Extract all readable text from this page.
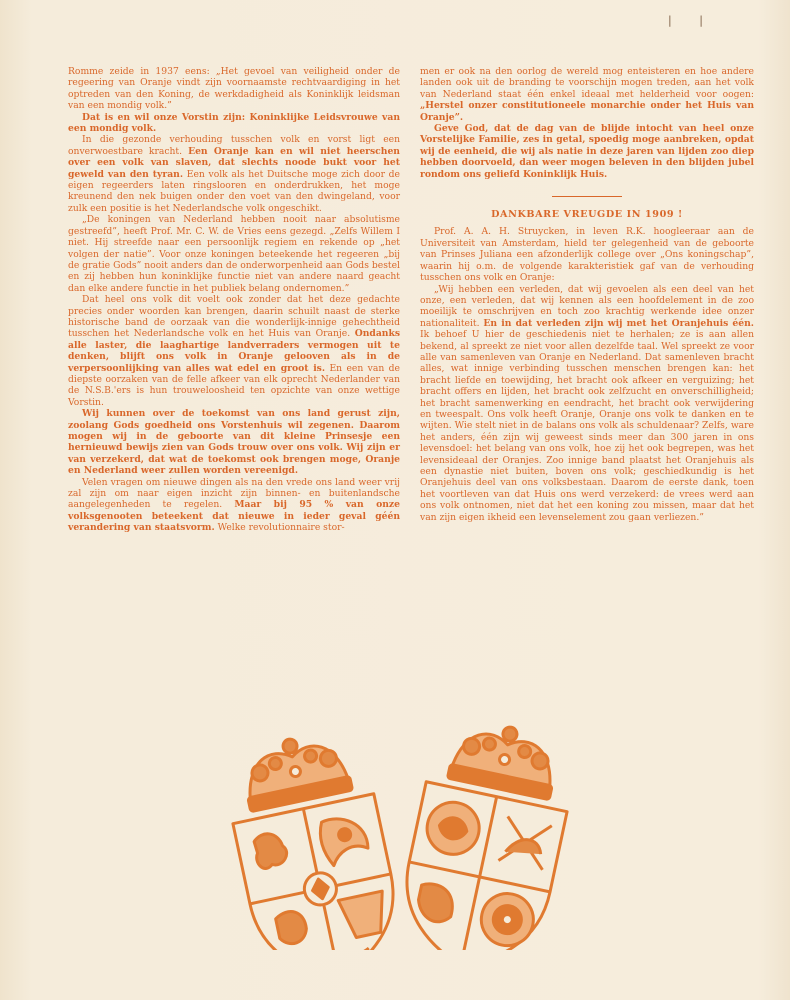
| |

Romme zeide in 1937 eens: „Het gevoel van veiligheid onder de regeering van Oranje vindt zijn voornaamste rechtvaardiging in het optreden van den Koning, de werkdadigheid als Koninklijk leidsman van een mondig volk.”

Dat is en wil onze Vorstin zijn: Koninklijke Leidsvrouwe van een mondig volk.

In die gezonde verhouding tusschen volk en vorst ligt een onverwoestbare kracht. Een Oranje kan en wil niet heerschen over een volk van slaven, dat slechts noode bukt voor het geweld van den tyran. Een volk als het Duitsche moge zich door de eigen regeerders laten ringslooren en onderdrukken, het moge kreunend den nek buigen onder den voet van den dwingeland, voor zulk een positie is het Nederlandsche volk ongeschikt.

„De koningen van Nederland hebben nooit naar absolutisme gestreefd”, heeft Prof. Mr. C. W. de Vries eens gezegd. „Zelfs Willem I niet. Hij streefde naar een persoonlijk regiem en rekende op „het volgen der natie”. Voor onze koningen beteekende het regeeren „bij de gratie Gods” nooit anders dan de onderworpenheid aan Gods bestel en zij hebben hun koninklijke functie niet van andere naard geacht dan elke andere functie in het publiek belang ondernomen.”

Dat heel ons volk dit voelt ook zonder dat het deze gedachte precies onder woorden kan brengen, daarin schuilt naast de sterke historische band de oorzaak van die wonderlijk-innige gehechtheid tusschen het Nederlandsche volk en het Huis van Oranje. Ondanks alle laster, die laaghartige landverraders vermogen uit te denken, blijft ons volk in Oranje gelooven als in de verpersoonlijking van alles wat edel en groot is. En een van de diepste oorzaken van de felle afkeer van elk oprecht Nederlander van de N.S.B.'ers is hun trouweloosheid ten opzichte van onze wettige Vorstin.

Wij kunnen over de toekomst van ons land gerust zijn, zoolang Gods goedheid ons Vorstenhuis wil zegenen. Daarom mogen wij in de geboorte van dit kleine Prinsesje een hernieuwd bewijs zien van Gods trouw over ons volk. Wij zijn er van verzekerd, dat wat de toekomst ook brengen moge, Oranje en Nederland weer zullen worden vereenigd.

Velen vragen om nieuwe dingen als na den vrede ons land weer vrij zal zijn om naar eigen inzicht zijn binnen- en buitenlandsche aangelegenheden te regelen. Maar bij 95 % van onze volksgenooten beteekent dat nieuwe in ieder geval géén verandering van staatsvorm. Welke revolutionnaire stor-

men er ook na den oorlog de wereld mog enteisteren en hoe andere landen ook uit de branding te voorschijn mogen treden, aan het volk van Nederland staat één enkel ideaal met helderheid voor oogen: „Herstel onzer constitutioneele monarchie onder het Huis van Oranje”.

Geve God, dat de dag van de blijde intocht van heel onze Vorstelijke Familie, zes in getal, spoedig moge aanbreken, opdat wij de eenheid, die wij als natie in deze jaren van lijden zoo diep hebben doorvoeld, dan weer mogen beleven in den blijden jubel rondom ons geliefd Koninklijk Huis.

DANKBARE VREUGDE IN 1909 !

Prof. A. A. H. Struycken, in leven R.K. hoogleeraar aan de Universiteit van Amsterdam, hield ter gelegenheid van de geboorte van Prinses Juliana een afzonderlijk college over „Ons koningschap”, waarin hij o.m. de volgende karakteristiek gaf van de verhouding tusschen ons volk en Oranje:

„Wij hebben een verleden, dat wij gevoelen als een deel van het onze, een verleden, dat wij kennen als een hoofdelement in de zoo moeilijk te omschrijven en toch zoo krachtig werkende idee onzer nationaliteit. En in dat verleden zijn wij met het Oranjehuis één. Ik behoef U hier de geschiedenis niet te herhalen; ze is aan allen bekend, al spreekt ze niet voor allen dezelfde taal. Wel spreekt ze voor alle van samenleven van Oranje en Nederland. Dat samenleven bracht alles, wat innige verbinding tusschen menschen brengen kan: het bracht liefde en toewijding, het bracht ook afkeer en verguizing; het bracht offers en lijden, het bracht ook zelfzucht en onverschilligheid; het bracht samenwerking en eendracht, het bracht ook verwijdering en tweespalt. Ons volk heeft Oranje, Oranje ons volk te danken en te wijten. Wie stelt niet in de balans ons volk als schuldenaar? Zelfs, ware het anders, één zijn wij geweest sinds meer dan 300 jaren in ons levensdoel: het belang van ons volk, hoe zij het ook begrepen, was het levensideaal der Oranjes. Zoo innige band plaatst het Oranjehuis als een dynastie niet buiten, boven ons volk; geschiedkundig is het Oranjehuis deel van ons volksbestaan. Daarom de eerste dank, toen het voortleven van dat Huis ons werd verzekerd: de vrees werd aan ons volk ontnomen, niet dat het een koning zou missen, maar dat het van zijn eigen ikheid een levenselement zou gaan verliezen.”
